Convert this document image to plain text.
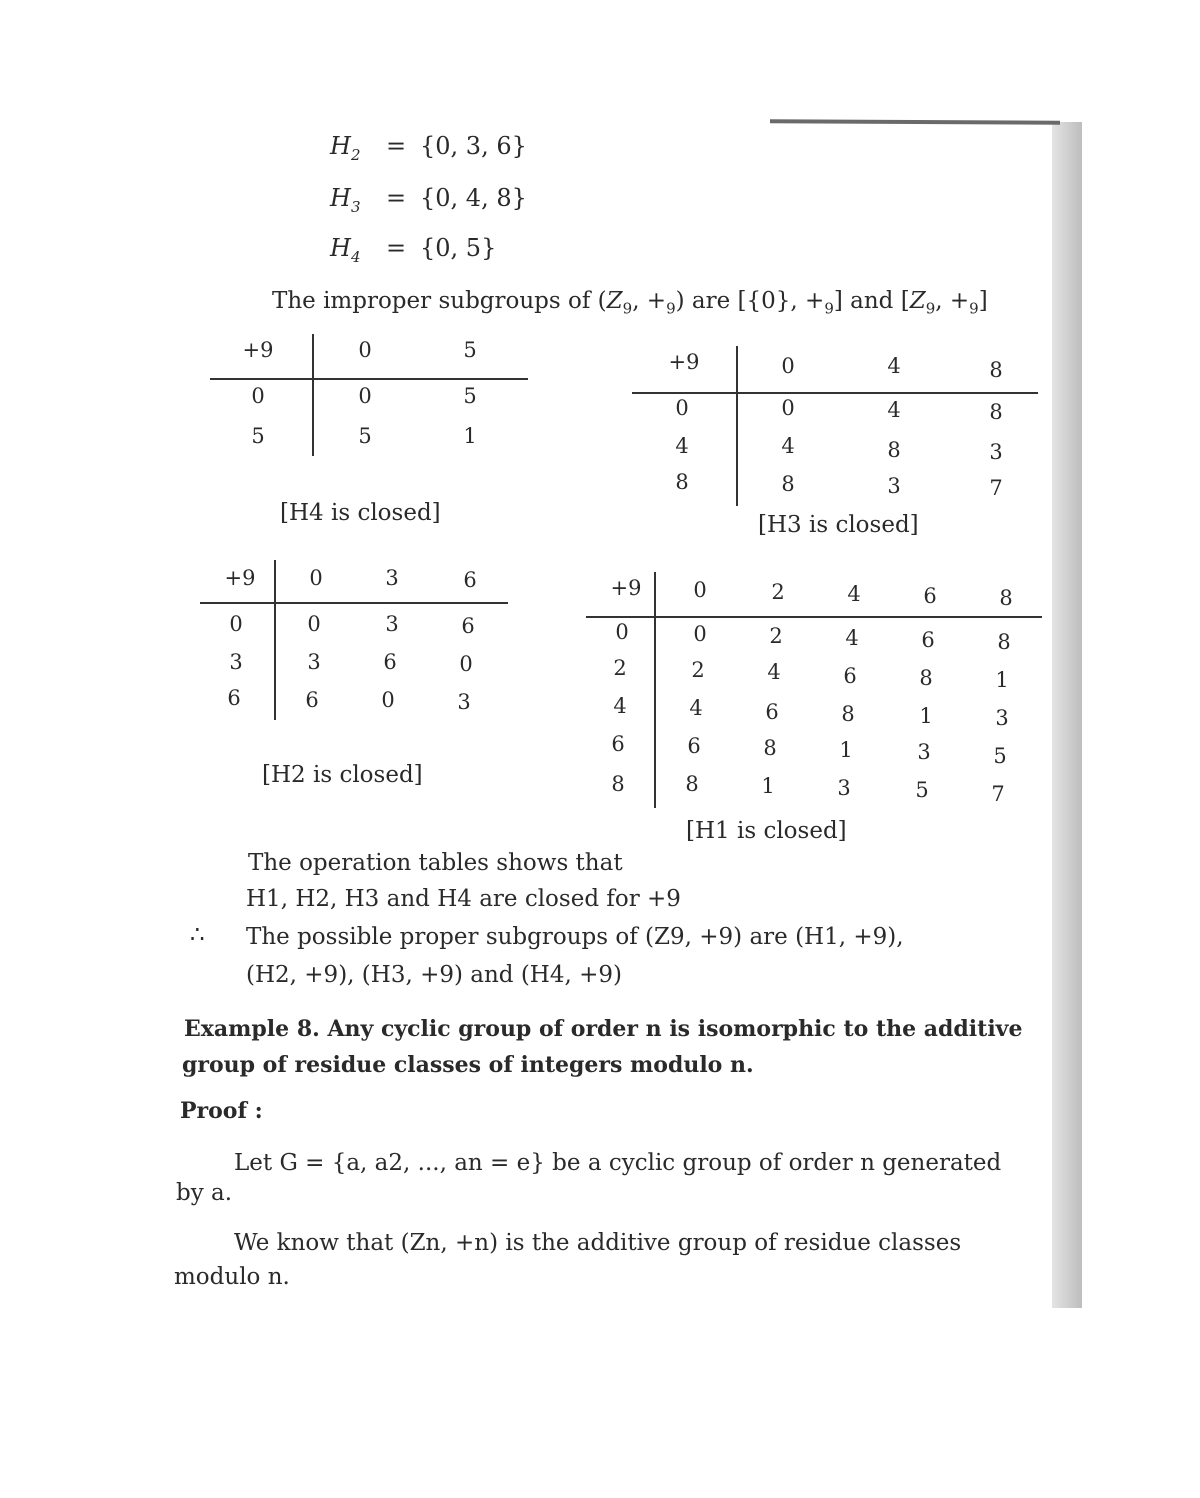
$H_2 = \{0$, 3, 6}
$H_3 = \{0$, 4, 8}
$H_4 = \{0$, 5}
The improper subgroups of ($Z_9$, $+_9$) are [{0}, $+_9$] and [$Z_9$, $+_9$]
+9	0	5
0	0	5
5	5	1
[H4 is closed]
+9	0	4	8
0	0	4	8
4	4	8	3
8	8	3	7
[H3 is closed]
+9	0	3	6
0	0	3	6
3	3	6	0
6	6	0	3
[H2 is closed]
+9	0	2	4	6	8
0	0	2	4	6	8
2	2	4	6	8	1
4	4	6	8	1	3
6	6	8	1	3	5
8	8	1	3	5	7
[H1 is closed]
The operation tables shows that
H1, H2, H3 and H4 are closed for +9
∴ The possible proper subgroups of (Z9, +9) are (H1, +9),
(H2, +9), (H3, +9) and (H4, +9)
Example 8. Any cyclic group of order n is isomorphic to the additive
group of residue classes of integers modulo n.
Proof :
Let G = {a, a2, ..., an = e} be a cyclic group of order n generated
by a.
We know that (Zn, +n) is the additive group of residue classes
modulo n.
